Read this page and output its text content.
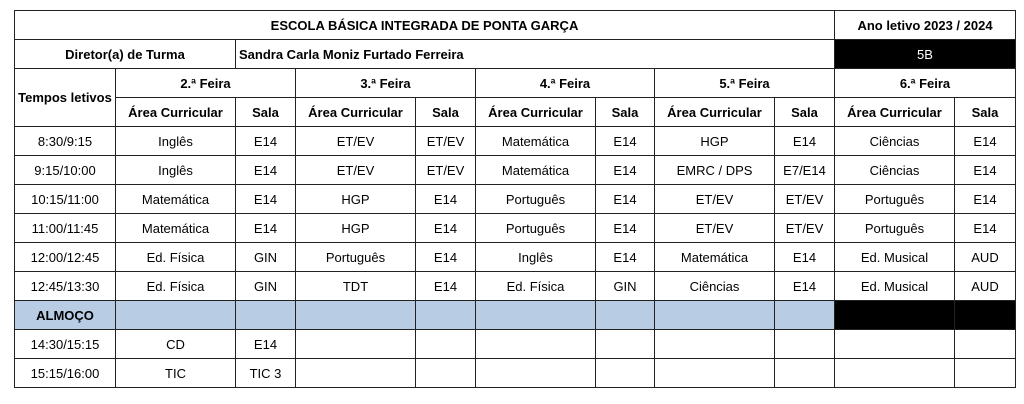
ESCOLA BÁSICA INTEGRADA DE PONTA GARÇA									Ano letivo 2023 / 2024	
Diretor(a) de Turma		Sandra Carla Moniz Furtado Ferreira							5B	
Tempos letivos	2.ª Feira		3.ª Feira		4.ª Feira		5.ª Feira		6.ª Feira	
	Área Curricular	Sala	Área Curricular	Sala	Área Curricular	Sala	Área Curricular	Sala	Área Curricular	Sala
8:30/9:15	Inglês	E14	ET/EV	ET/EV	Matemática	E14	HGP	E14	Ciências	E14
9:15/10:00	Inglês	E14	ET/EV	ET/EV	Matemática	E14	EMRC / DPS	E7/E14	Ciências	E14
10:15/11:00	Matemática	E14	HGP	E14	Português	E14	ET/EV	ET/EV	Português	E14
11:00/11:45	Matemática	E14	HGP	E14	Português	E14	ET/EV	ET/EV	Português	E14
12:00/12:45	Ed. Física	GIN	Português	E14	Inglês	E14	Matemática	E14	Ed. Musical	AUD
12:45/13:30	Ed. Física	GIN	TDT	E14	Ed. Física	GIN	Ciências	E14	Ed. Musical	AUD
ALMOÇO										
14:30/15:15	CD	E14								
15:15/16:00	TIC	TIC 3								
